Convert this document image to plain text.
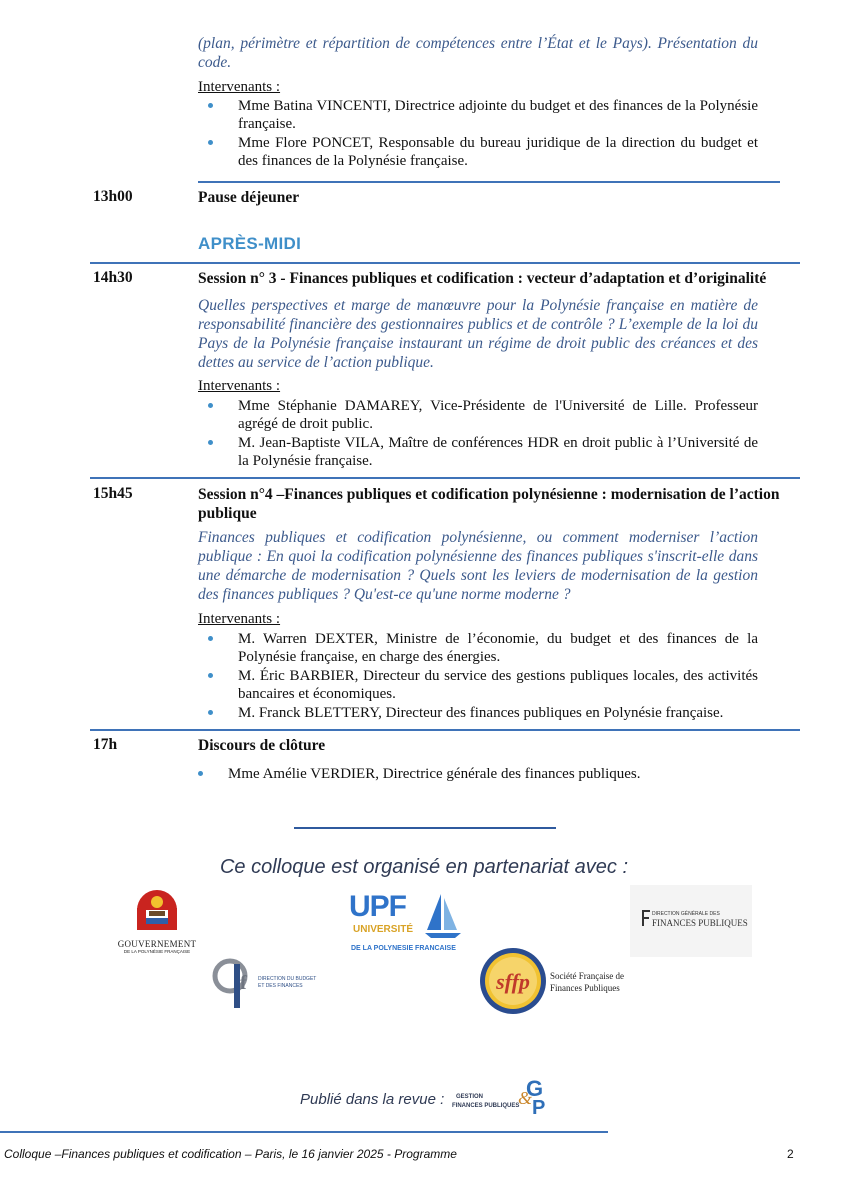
(plan, périmètre et répartition de compétences entre l’État et le Pays). Présentation du code.
Intervenants :
Mme Batina VINCENTI, Directrice adjointe du budget et des finances de la Polynésie française.
Mme Flore PONCET, Responsable du bureau juridique de la direction du budget et des finances de la Polynésie française.
13h00	Pause déjeuner
APRÈS-MIDI
14h30	Session n° 3 - Finances publiques et codification : vecteur d’adaptation et d’originalité
Quelles perspectives et marge de manœuvre pour la Polynésie française en matière de responsabilité financière des gestionnaires publics et de contrôle ? L’exemple de la loi du Pays de la Polynésie française instaurant un régime de droit public des créances et des dettes au service de l’action publique.
Intervenants :
Mme Stéphanie DAMAREY, Vice-Présidente de l'Université de Lille. Professeur agrégé de droit public.
M. Jean-Baptiste VILA, Maître de conférences HDR en droit public à l’Université de la Polynésie française.
15h45	Session n°4 –Finances publiques et codification polynésienne : modernisation de l’action publique
Finances publiques et codification polynésienne, ou comment moderniser l’action publique : En quoi la codification polynésienne des finances publiques s'inscrit-elle dans une démarche de modernisation ? Quels sont les leviers de modernisation de la gestion des finances publiques ? Qu'est-ce qu'une norme moderne ?
Intervenants :
M. Warren DEXTER, Ministre de l’économie, du budget et des finances de la Polynésie française, en charge des énergies.
M. Éric BARBIER, Directeur du service des gestions publiques locales, des activités bancaires et économiques.
M. Franck BLETTERY, Directeur des finances publiques en Polynésie française.
17h	Discours de clôture
Mme Amélie VERDIER, Directrice générale des finances publiques.
Ce colloque est organisé en partenariat avec :
GOUVERNEMENT
DE LA POLYNÉSIE FRANÇAISE
UPF
UNIVERSITÉ
DE LA POLYNESIE FRANCAISE
DIRECTION GÉNÉRALE DES
FINANCES PUBLIQUES
f DIRECTION DU BUDGET
ET DES FINANCES	sffp Société Française de
Finances Publiques
Publié dans la revue : GESTION
FINANCES PUBLIQUES
G
& P
Colloque –Finances publiques et codification – Paris, le 16 janvier 2025 - Programme	2
